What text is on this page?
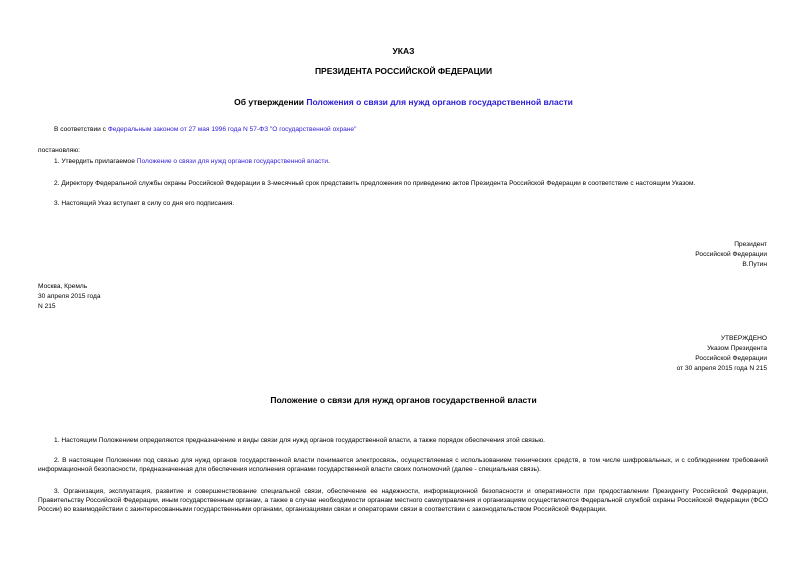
УКАЗ
ПРЕЗИДЕНТА РОССИЙСКОЙ ФЕДЕРАЦИИ
Об утверждении Положения о связи для нужд органов государственной власти
В соответствии с Федеральным законом от 27 мая 1996 года N 57-ФЗ "О государственной охране"
постановляю:
1. Утвердить прилагаемое Положение о связи для нужд органов государственной власти.
2. Директору Федеральной службы охраны Российской Федерации в 3-месячный срок представить предложения по приведению актов Президента Российской Федерации в соответствие с настоящим Указом.
3. Настоящий Указ вступает в силу со дня его подписания.
Президент
Российской Федерации
В.Путин
Москва, Кремль
30 апреля 2015 года
N 215
УТВЕРЖДЕНО
Указом Президента
Российской Федерации
от 30 апреля 2015 года N 215
Положение о связи для нужд органов государственной власти
1. Настоящим Положением определяются предназначение и виды связи для нужд органов государственной власти, а также порядок обеспечения этой связью.
2. В настоящем Положении под связью для нужд органов государственной власти понимается электросвязь, осуществляемая с использованием технических средств, в том числе шифровальных, и с соблюдением требований информационной безопасности, предназначенная для обеспечения исполнения органами государственной власти своих полномочий (далее - специальная связь).
3. Организация, эксплуатация, развитие и совершенствование специальной связи, обеспечение ее надежности, информационной безопасности и оперативности при предоставлении Президенту Российской Федерации, Правительству Российской Федерации, иным государственным органам, а также в случае необходимости органам местного самоуправления и организациям осуществляются Федеральной службой охраны Российской Федерации (ФСО России) во взаимодействии с заинтересованными государственными органами, организациями связи и операторами связи в соответствии с законодательством Российской Федерации.
